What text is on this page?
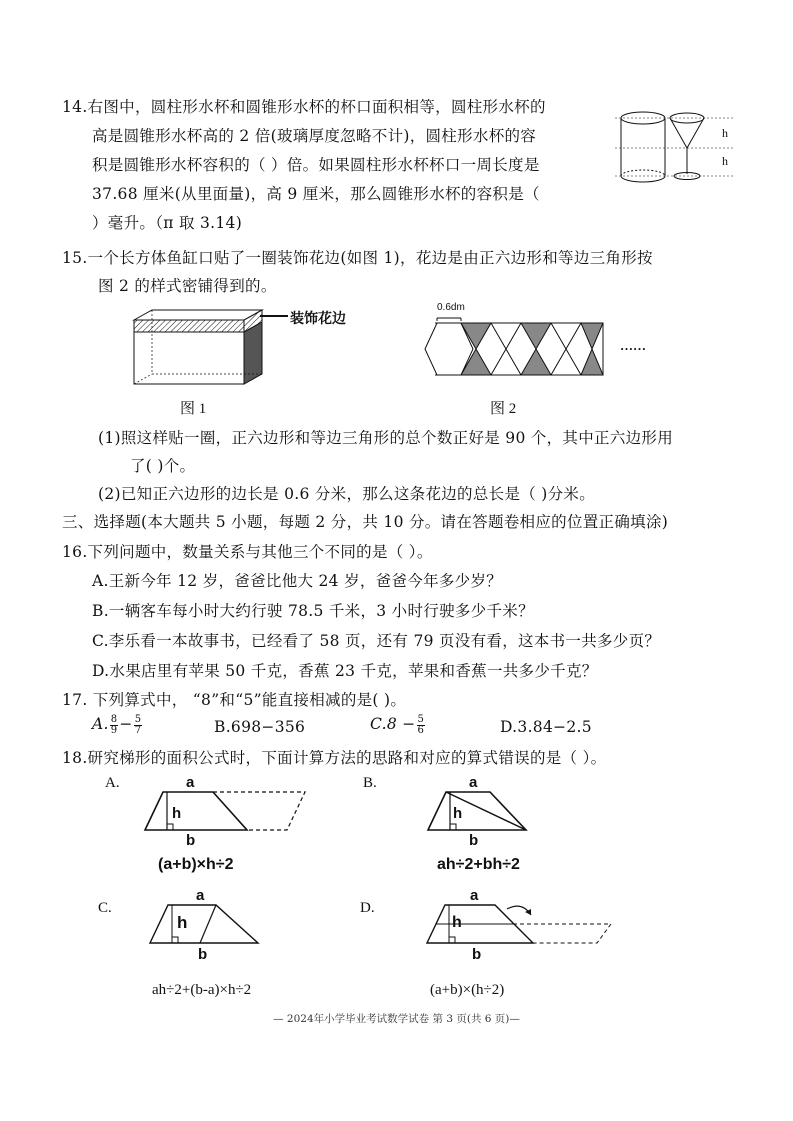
14.右图中，圆柱形水杯和圆锥形水杯的杯口面积相等，圆柱形水杯的
高是圆锥形水杯高的 2 倍(玻璃厚度忽略不计)，圆柱形水杯的容
积是圆锥形水杯容积的（ ）倍。如果圆柱形水杯杯口一周长度是
37.68 厘米(从里面量)，高 9 厘米，那么圆锥形水杯的容积是（
）毫升。（π 取 3.14)
h
h
15.一个长方体鱼缸口贴了一圈装饰花边(如图 1)，花边是由正六边形和等边三角形按
图 2 的样式密铺得到的。
装饰花边
0.6dm
……
图 1	图 2
(1)照这样贴一圈，正六边形和等边三角形的总个数正好是 90 个，其中正六边形用
了( )个。
(2)已知正六边形的边长是 0.6 分米，那么这条花边的总长是（ )分米。
三、选择题(本大题共 5 小题，每题 2 分，共 10 分。请在答题卷相应的位置正确填涂)
16.下列问题中，数量关系与其他三个不同的是（ ）。
A.王新今年 12 岁，爸爸比他大 24 岁，爸爸今年多少岁？
B.一辆客车每小时大约行驶 78.5 千米，3 小时行驶多少千米？
C.李乐看一本故事书，已经看了 58 页，还有 79 页没有看，这本书一共多少页？
D.水果店里有苹果 50 千克，香蕉 23 千克，苹果和香蕉一共多少千克？
17. 下列算式中， “8”和“5”能直接相减的是( )。
A. $\frac{8}{9} - \frac{5}{7}$	B.698−356	$C.8 - \frac{5}{6}$	D.3.84−2.5
18.研究梯形的面积公式时，下面计算方法的思路和对应的算式错误的是（ ）。
A.	B.
C.	D.
a
h
b
(a+b)×h÷2
a
h
b
ah÷2+bh÷2
a
h
b
ah÷2+(b-a)×h÷2
a
h
b
(a+b)×(h÷2)
— 2024年小学毕业考试数学试卷 第 3 页(共 6 页)—
